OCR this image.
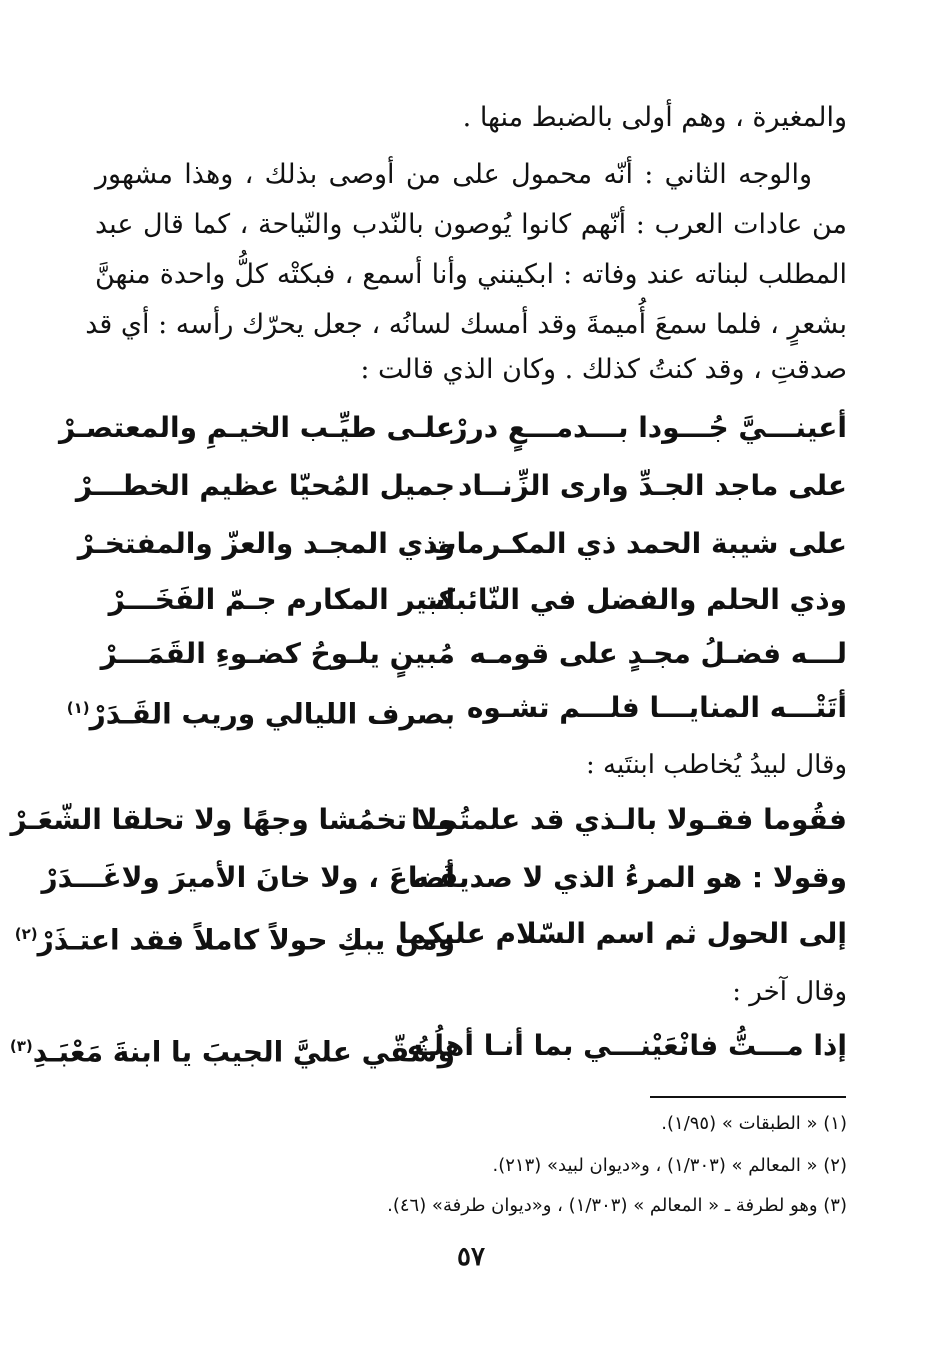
والمغيرة ، وهم أولى بالضبط منها .
والوجه الثاني : أنّه محمول على من أوصى بذلك ، وهذا مشهور
من عادات العرب : أنّهم كانوا يُوصون بالنّدب والنّياحة ، كما قال عبد
المطلب لبناته عند وفاته : ابكينني وأنا أسمع ، فبكتْه كلُّ واحدة منهنَّ
بشعرٍ ، فلما سمعَ أُميمةَ وقد أمسك لسانُه ، جعل يحرّك رأسه : أي قد
صدقتِ ، وقد كنتُ كذلك . وكان الذي قالت :
أعينـــيَّ جُـــودا بـــدمـــعٍ دررْ
علـى طيِّـب الخيـمِ والمعتصـرْ
على ماجد الجـدِّ وارى الزِّنــاد
جميل المُحيّا عظيم الخطـــرْ
على شيبة الحمد ذي المكـرمات
وذي المجـد والعزّ والمفتخـرْ
وذي الحلم والفضل في النّائبات
كبير المكارم جـمّ الفَخَـــرْ
لـــه فضـلُ مجـدٍ على قومـه
مُبينٍ يلـوحُ كضـوءِ القَمَـــرْ
أتَتْـــه المنايـــا فلـــم تشـوه
بصرف الليالي وريب القَـدَرْ$^{(١)}$
وقال لبيدُ يُخاطب ابنتَيه :
فقُوما فقـولا بالـذي قد علمتُمــا
ولا تخمُشا وجهًا ولا تحلقا الشّعَـرْ
وقولا : هو المرءُ الذي لا صديقَـه
أضاعَ ، ولا خانَ الأميرَ ولاغَـــدَرْ
إلى الحول ثم اسم السّلام عليكما
ومن يبكِ حولاً كاملاً فقد اعتـذَرْ$^{(٢)}$
وقال آخر :
إذا مـــتُّ فانْعَيْنـــي بما أنـا أهلُـه
وشُقّي عليَّ الجيبَ يا ابنةَ مَعْبَـدِ$^{(٣)}$
(١) « الطبقات » (١/٩٥).
(٢) « المعالم » (١/٣٠٣) ، و«ديوان لبيد» (٢١٣).
(٣) وهو لطرفة ـ « المعالم » (١/٣٠٣) ، و«ديوان طرفة» (٤٦).
٥٧
